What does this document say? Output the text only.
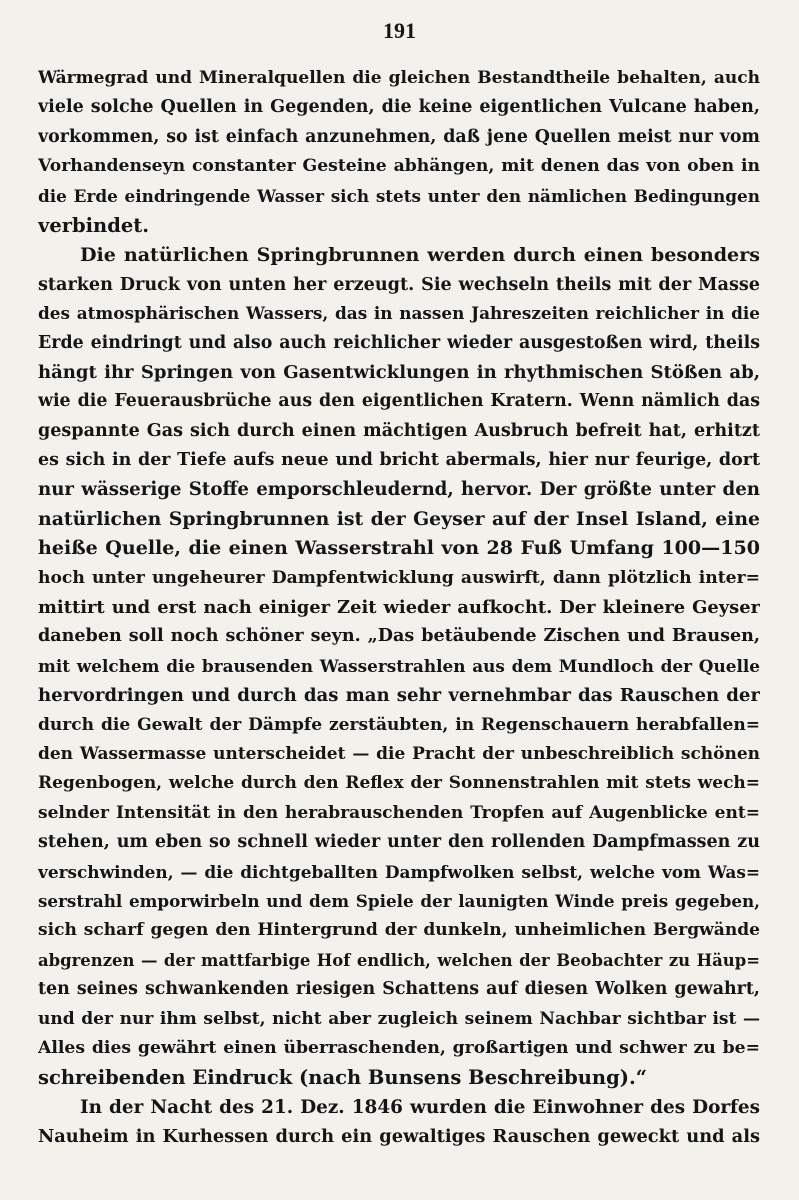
191
Wärmegrad und Mineralquellen die gleichen Bestandtheile behalten, auch
viele solche Quellen in Gegenden, die keine eigentlichen Vulcane haben,
vorkommen, so ist einfach anzunehmen, daß jene Quellen meist nur vom
Vorhandenseyn constanter Gesteine abhängen, mit denen das von oben in
die Erde eindringende Wasser sich stets unter den nämlichen Bedingungen
verbindet.
Die natürlichen Springbrunnen werden durch einen besonders
starken Druck von unten her erzeugt. Sie wechseln theils mit der Masse
des atmosphärischen Wassers, das in nassen Jahreszeiten reichlicher in die
Erde eindringt und also auch reichlicher wieder ausgestoßen wird, theils
hängt ihr Springen von Gasentwicklungen in rhythmischen Stößen ab,
wie die Feuerausbrüche aus den eigentlichen Kratern. Wenn nämlich das
gespannte Gas sich durch einen mächtigen Ausbruch befreit hat, erhitzt
es sich in der Tiefe aufs neue und bricht abermals, hier nur feurige, dort
nur wässerige Stoffe emporschleudernd, hervor. Der größte unter den
natürlichen Springbrunnen ist der Geyser auf der Insel Island, eine
heiße Quelle, die einen Wasserstrahl von 28 Fuß Umfang 100—150
hoch unter ungeheurer Dampfentwicklung auswirft, dann plötzlich inter=
mittirt und erst nach einiger Zeit wieder aufkocht. Der kleinere Geyser
daneben soll noch schöner seyn. „Das betäubende Zischen und Brausen,
mit welchem die brausenden Wasserstrahlen aus dem Mundloch der Quelle
hervordringen und durch das man sehr vernehmbar das Rauschen der
durch die Gewalt der Dämpfe zerstäubten, in Regenschauern herabfallen=
den Wassermasse unterscheidet — die Pracht der unbeschreiblich schönen
Regenbogen, welche durch den Reflex der Sonnenstrahlen mit stets wech=
selnder Intensität in den herabrauschenden Tropfen auf Augenblicke ent=
stehen, um eben so schnell wieder unter den rollenden Dampfmassen zu
verschwinden, — die dichtgeballten Dampfwolken selbst, welche vom Was=
serstrahl emporwirbeln und dem Spiele der launigten Winde preis gegeben,
sich scharf gegen den Hintergrund der dunkeln, unheimlichen Bergwände
abgrenzen — der mattfarbige Hof endlich, welchen der Beobachter zu Häup=
ten seines schwankenden riesigen Schattens auf diesen Wolken gewahrt,
und der nur ihm selbst, nicht aber zugleich seinem Nachbar sichtbar ist —
Alles dies gewährt einen überraschenden, großartigen und schwer zu be=
schreibenden Eindruck (nach Bunsens Beschreibung).“
In der Nacht des 21. Dez. 1846 wurden die Einwohner des Dorfes
Nauheim in Kurhessen durch ein gewaltiges Rauschen geweckt und als
